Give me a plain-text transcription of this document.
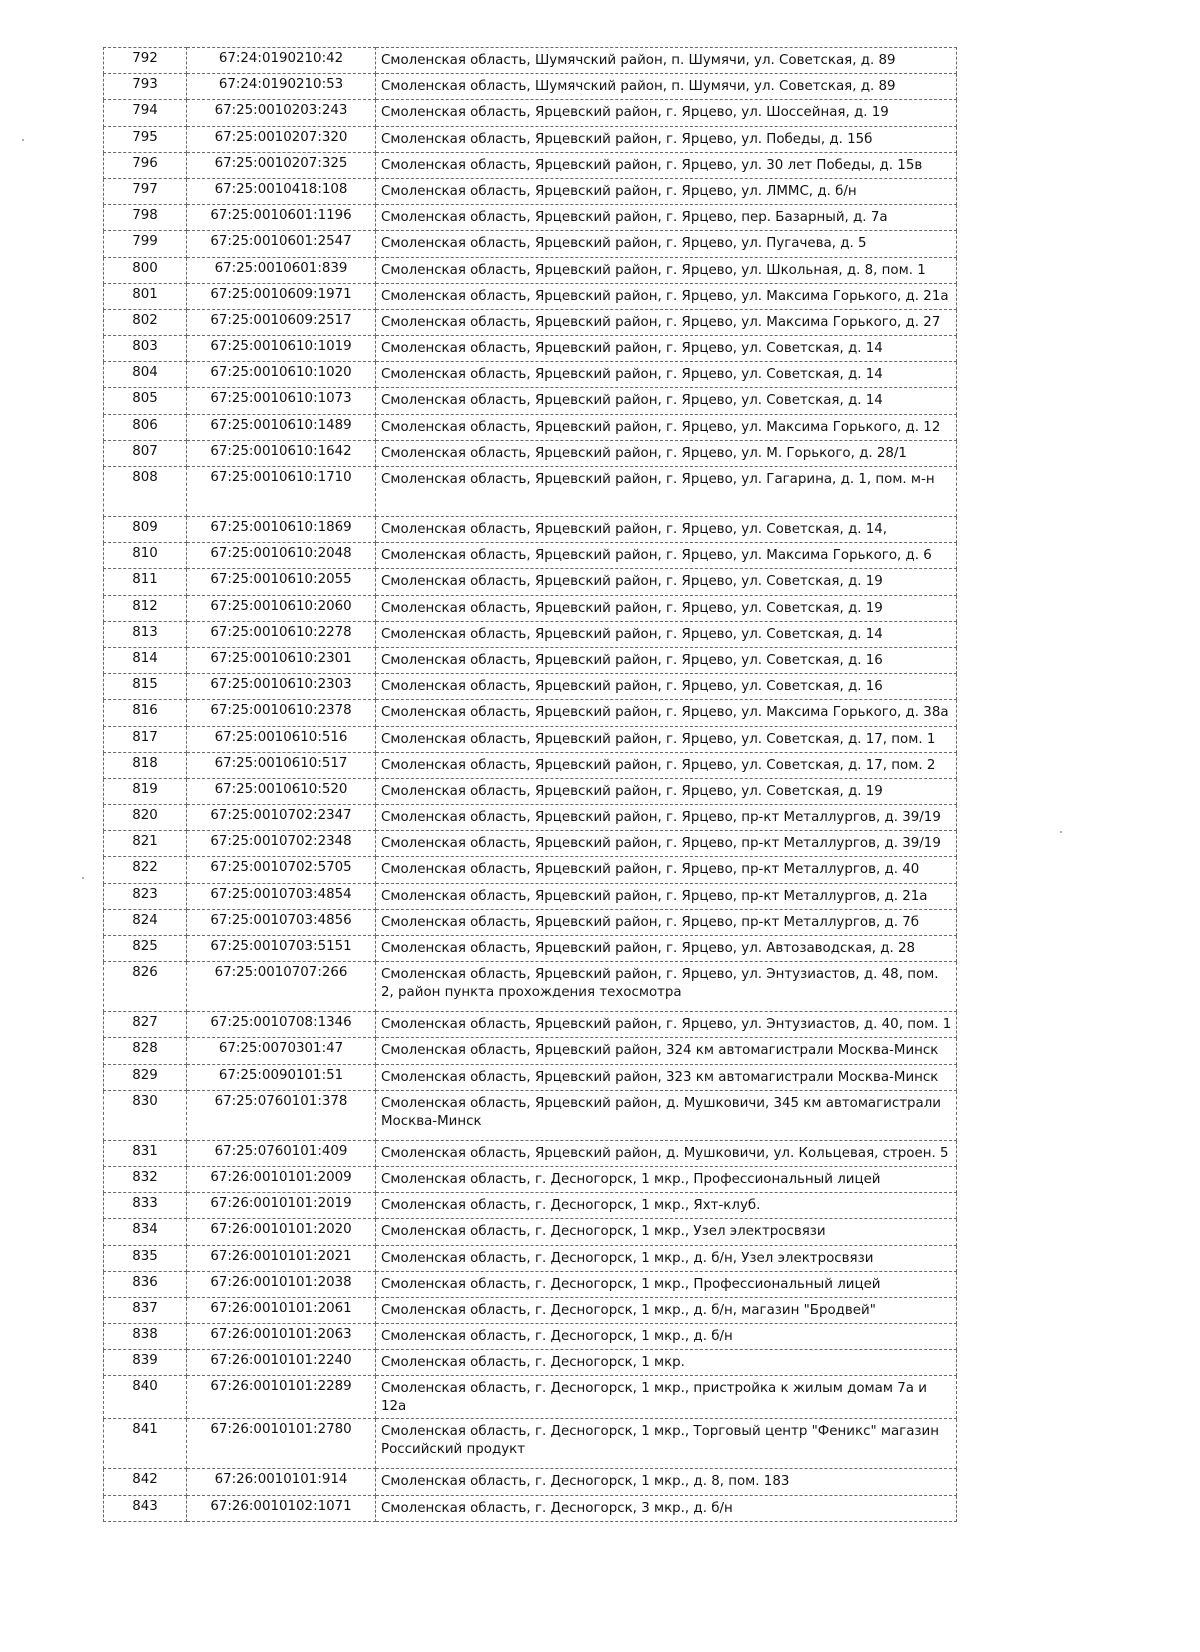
792	67:24:0190210:42	Смоленская область, Шумячский район, п. Шумячи, ул. Советская, д. 89
793	67:24:0190210:53	Смоленская область, Шумячский район, п. Шумячи, ул. Советская, д. 89
794	67:25:0010203:243	Смоленская область, Ярцевский район, г. Ярцево, ул. Шоссейная, д. 19
795	67:25:0010207:320	Смоленская область, Ярцевский район, г. Ярцево, ул. Победы, д. 15б
796	67:25:0010207:325	Смоленская область, Ярцевский район, г. Ярцево, ул. 30 лет Победы, д. 15в
797	67:25:0010418:108	Смоленская область, Ярцевский район, г. Ярцево, ул. ЛММС, д. б/н
798	67:25:0010601:1196	Смоленская область, Ярцевский район, г. Ярцево, пер. Базарный, д. 7а
799	67:25:0010601:2547	Смоленская область, Ярцевский район, г. Ярцево, ул. Пугачева, д. 5
800	67:25:0010601:839	Смоленская область, Ярцевский район, г. Ярцево, ул. Школьная, д. 8, пом. 1
801	67:25:0010609:1971	Смоленская область, Ярцевский район, г. Ярцево, ул. Максима Горького, д. 21а
802	67:25:0010609:2517	Смоленская область, Ярцевский район, г. Ярцево, ул. Максима Горького, д. 27
803	67:25:0010610:1019	Смоленская область, Ярцевский район, г. Ярцево, ул. Советская, д. 14
804	67:25:0010610:1020	Смоленская область, Ярцевский район, г. Ярцево, ул. Советская, д. 14
805	67:25:0010610:1073	Смоленская область, Ярцевский район, г. Ярцево, ул. Советская, д. 14
806	67:25:0010610:1489	Смоленская область, Ярцевский район, г. Ярцево, ул. Максима Горького, д. 12
807	67:25:0010610:1642	Смоленская область, Ярцевский район, г. Ярцево, ул. М. Горького, д. 28/1
808	67:25:0010610:1710	Смоленская область, Ярцевский район, г. Ярцево, ул. Гагарина, д. 1, пом. м-н
809	67:25:0010610:1869	Смоленская область, Ярцевский район, г. Ярцево, ул. Советская, д. 14,
810	67:25:0010610:2048	Смоленская область, Ярцевский район, г. Ярцево, ул. Максима Горького, д. 6
811	67:25:0010610:2055	Смоленская область, Ярцевский район, г. Ярцево, ул. Советская, д. 19
812	67:25:0010610:2060	Смоленская область, Ярцевский район, г. Ярцево, ул. Советская, д. 19
813	67:25:0010610:2278	Смоленская область, Ярцевский район, г. Ярцево, ул. Советская, д. 14
814	67:25:0010610:2301	Смоленская область, Ярцевский район, г. Ярцево, ул. Советская, д. 16
815	67:25:0010610:2303	Смоленская область, Ярцевский район, г. Ярцево, ул. Советская, д. 16
816	67:25:0010610:2378	Смоленская область, Ярцевский район, г. Ярцево, ул. Максима Горького, д. 38а
817	67:25:0010610:516	Смоленская область, Ярцевский район, г. Ярцево, ул. Советская, д. 17, пом. 1
818	67:25:0010610:517	Смоленская область, Ярцевский район, г. Ярцево, ул. Советская, д. 17, пом. 2
819	67:25:0010610:520	Смоленская область, Ярцевский район, г. Ярцево, ул. Советская, д. 19
820	67:25:0010702:2347	Смоленская область, Ярцевский район, г. Ярцево, пр-кт Металлургов, д. 39/19
821	67:25:0010702:2348	Смоленская область, Ярцевский район, г. Ярцево, пр-кт Металлургов, д. 39/19
822	67:25:0010702:5705	Смоленская область, Ярцевский район, г. Ярцево, пр-кт Металлургов, д. 40
823	67:25:0010703:4854	Смоленская область, Ярцевский район, г. Ярцево, пр-кт Металлургов, д. 21а
824	67:25:0010703:4856	Смоленская область, Ярцевский район, г. Ярцево, пр-кт Металлургов, д. 7б
825	67:25:0010703:5151	Смоленская область, Ярцевский район, г. Ярцево, ул. Автозаводская, д. 28
826	67:25:0010707:266	Смоленская область, Ярцевский район, г. Ярцево, ул. Энтузиастов, д. 48, пом. 2, район пункта прохождения техосмотра
827	67:25:0010708:1346	Смоленская область, Ярцевский район, г. Ярцево, ул. Энтузиастов, д. 40, пом. 1
828	67:25:0070301:47	Смоленская область, Ярцевский район, 324 км автомагистрали Москва-Минск
829	67:25:0090101:51	Смоленская область, Ярцевский район, 323 км автомагистрали Москва-Минск
830	67:25:0760101:378	Смоленская область, Ярцевский район, д. Мушковичи, 345 км автомагистрали Москва-Минск
831	67:25:0760101:409	Смоленская область, Ярцевский район, д. Мушковичи, ул. Кольцевая, строен. 5
832	67:26:0010101:2009	Смоленская область, г. Десногорск, 1 мкр., Профессиональный лицей
833	67:26:0010101:2019	Смоленская область, г. Десногорск, 1 мкр., Яхт-клуб.
834	67:26:0010101:2020	Смоленская область, г. Десногорск, 1 мкр., Узел электросвязи
835	67:26:0010101:2021	Смоленская область, г. Десногорск, 1 мкр., д. б/н, Узел электросвязи
836	67:26:0010101:2038	Смоленская область, г. Десногорск, 1 мкр., Профессиональный лицей
837	67:26:0010101:2061	Смоленская область, г. Десногорск, 1 мкр., д. б/н, магазин "Бродвей"
838	67:26:0010101:2063	Смоленская область, г. Десногорск, 1 мкр., д. б/н
839	67:26:0010101:2240	Смоленская область, г. Десногорск, 1 мкр.
840	67:26:0010101:2289	Смоленская область, г. Десногорск, 1 мкр., пристройка к жилым домам 7а и 12а
841	67:26:0010101:2780	Смоленская область, г. Десногорск, 1 мкр., Торговый центр "Феникс" магазин Российский продукт
842	67:26:0010101:914	Смоленская область, г. Десногорск, 1 мкр., д. 8, пом. 183
843	67:26:0010102:1071	Смоленская область, г. Десногорск, 3 мкр., д. б/н
